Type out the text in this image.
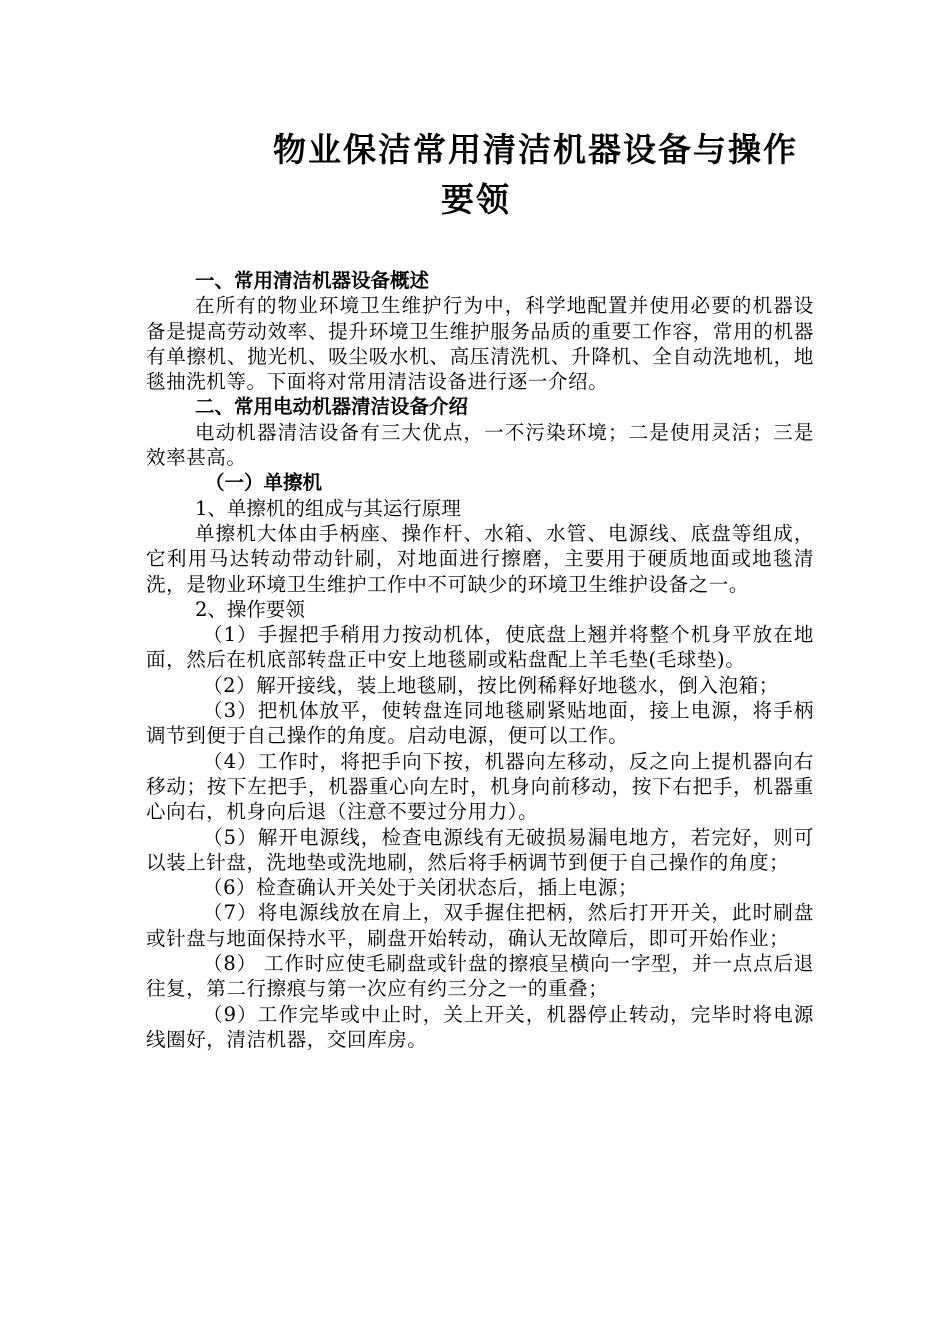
物业保洁常用清洁机器设备与操作
要领

一、常用清洁机器设备概述

在所有的物业环境卫生维护行为中，科学地配置并使用必要的机器设备是提高劳动效率、提升环境卫生维护服务品质的重要工作容，常用的机器有单擦机、抛光机、吸尘吸水机、高压清洗机、升降机、全自动洗地机，地毯抽洗机等。下面将对常用清洁设备进行逐一介绍。

二、常用电动机器清洁设备介绍

电动机器清洁设备有三大优点，一不污染环境；二是使用灵活；三是效率甚高。

（一）单擦机

1、单擦机的组成与其运行原理

单擦机大体由手柄座、操作杆、水箱、水管、电源线、底盘等组成，它利用马达转动带动针刷，对地面进行擦磨，主要用于硬质地面或地毯清洗，是物业环境卫生维护工作中不可缺少的环境卫生维护设备之一。

2、操作要领

（1）手握把手稍用力按动机体，使底盘上翘并将整个机身平放在地面，然后在机底部转盘正中安上地毯刷或粘盘配上羊毛垫(毛球垫)。

（2）解开接线，装上地毯刷，按比例稀释好地毯水，倒入泡箱；

（3）把机体放平，使转盘连同地毯刷紧贴地面，接上电源，将手柄调节到便于自己操作的角度。启动电源，便可以工作。

（4）工作时，将把手向下按，机器向左移动，反之向上提机器向右移动；按下左把手，机器重心向左时，机身向前移动，按下右把手，机器重心向右，机身向后退（注意不要过分用力）。

（5）解开电源线，检查电源线有无破损易漏电地方，若完好，则可以装上针盘，洗地垫或洗地刷，然后将手柄调节到便于自己操作的角度；

（6）检查确认开关处于关闭状态后，插上电源；

（7）将电源线放在肩上，双手握住把柄，然后打开开关，此时刷盘或针盘与地面保持水平，刷盘开始转动，确认无故障后，即可开始作业；

（8） 工作时应使毛刷盘或针盘的擦痕呈横向一字型，并一点点后退往复，第二行擦痕与第一次应有约三分之一的重叠；

（9）工作完毕或中止时，关上开关，机器停止转动，完毕时将电源线圈好，清洁机器，交回库房。
